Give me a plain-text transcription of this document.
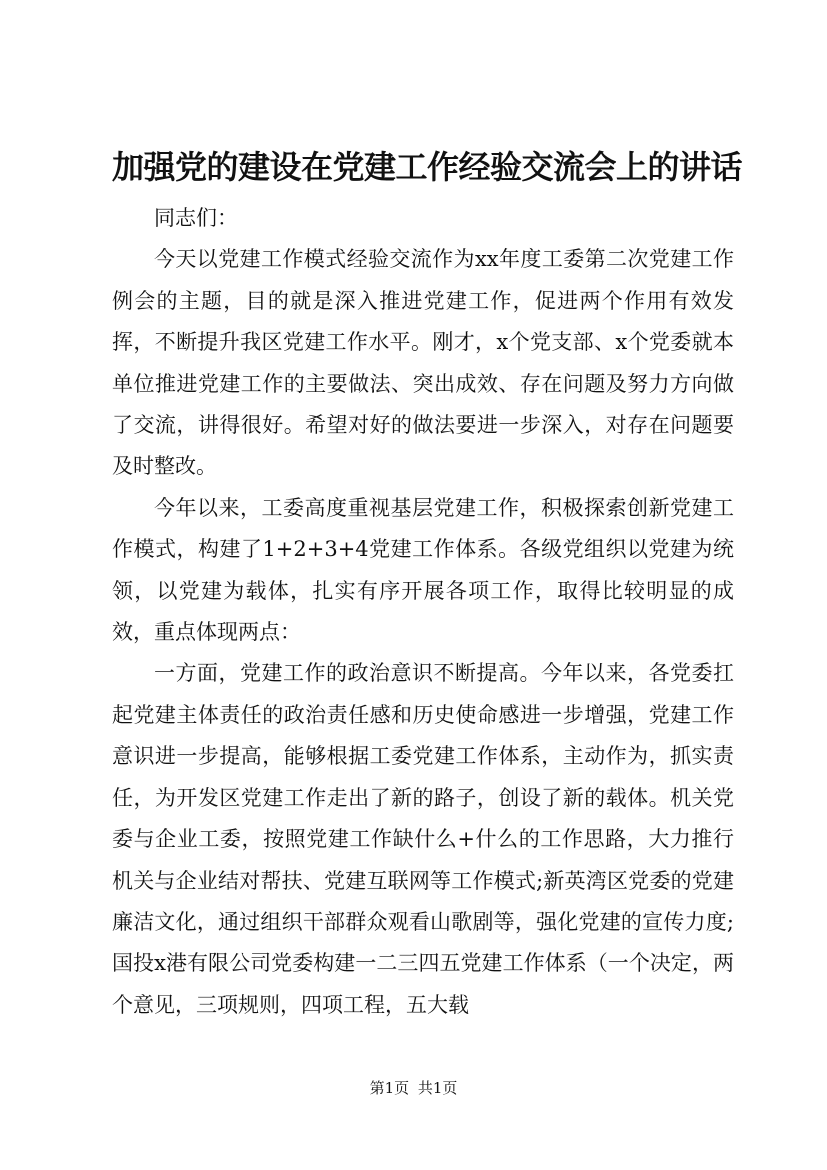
加强党的建设在党建工作经验交流会上的讲话

同志们：

今天以党建工作模式经验交流作为xx年度工委第二次党建工作例会的主题，目的就是深入推进党建工作，促进两个作用有效发挥，不断提升我区党建工作水平。刚才，x个党支部、x个党委就本单位推进党建工作的主要做法、突出成效、存在问题及努力方向做了交流，讲得很好。希望对好的做法要进一步深入，对存在问题要及时整改。

今年以来，工委高度重视基层党建工作，积极探索创新党建工作模式，构建了1+2+3+4党建工作体系。各级党组织以党建为统领，以党建为载体，扎实有序开展各项工作，取得比较明显的成效，重点体现两点：

一方面，党建工作的政治意识不断提高。今年以来，各党委扛起党建主体责任的政治责任感和历史使命感进一步增强，党建工作意识进一步提高，能够根据工委党建工作体系，主动作为，抓实责任，为开发区党建工作走出了新的路子，创设了新的载体。机关党委与企业工委，按照党建工作缺什么+什么的工作思路，大力推行机关与企业结对帮扶、党建互联网等工作模式;新英湾区党委的党建廉洁文化，通过组织干部群众观看山歌剧等，强化党建的宣传力度;国投x港有限公司党委构建一二三四五党建工作体系（一个决定，两个意见，三项规则，四项工程，五大载

第1页 共1页
